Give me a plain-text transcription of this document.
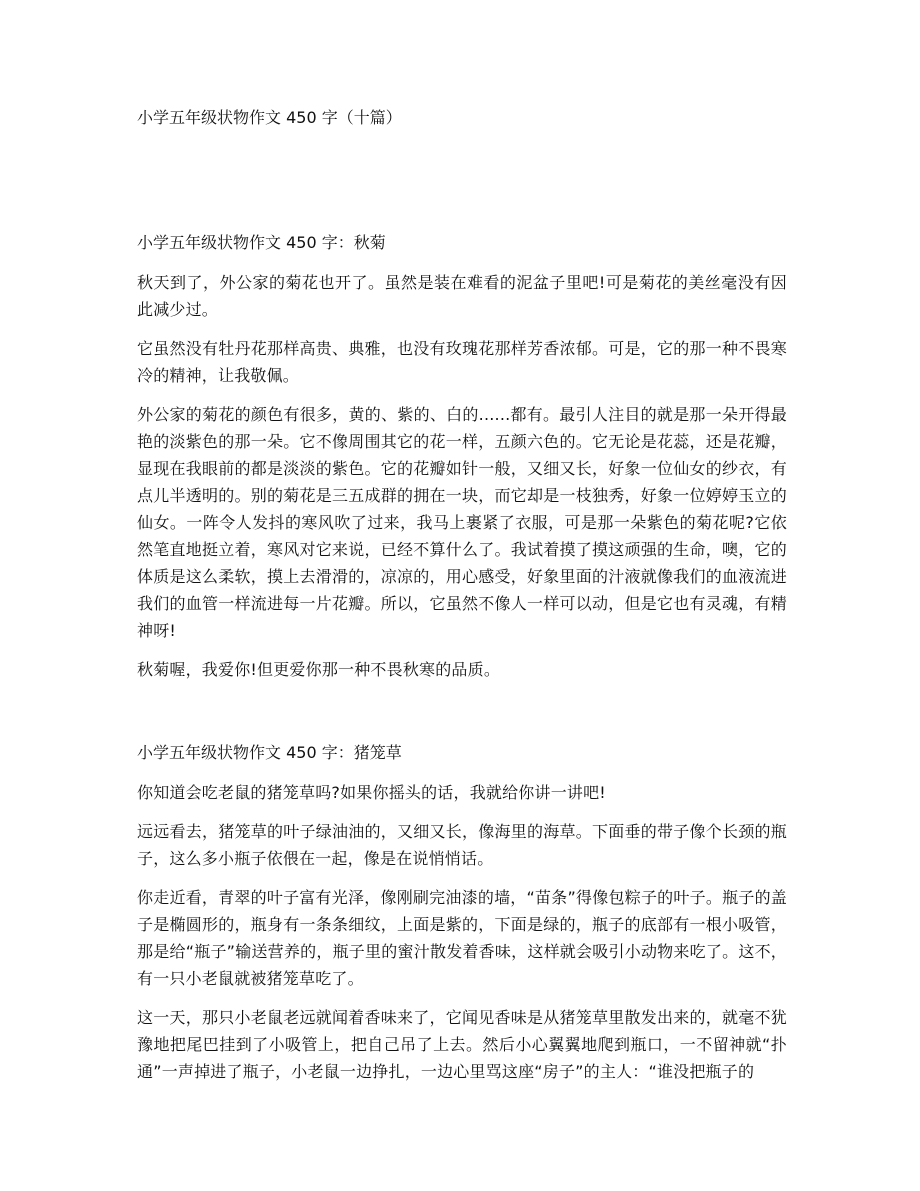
小学五年级状物作文 450 字（十篇）
小学五年级状物作文 450 字：秋菊

秋天到了，外公家的菊花也开了。虽然是装在难看的泥盆子里吧!可是菊花的美丝毫没有因此减少过。

它虽然没有牡丹花那样高贵、典雅，也没有玫瑰花那样芳香浓郁。可是，它的那一种不畏寒冷的精神，让我敬佩。

外公家的菊花的颜色有很多，黄的、紫的、白的......都有。最引人注目的就是那一朵开得最艳的淡紫色的那一朵。它不像周围其它的花一样，五颜六色的。它无论是花蕊，还是花瓣，显现在我眼前的都是淡淡的紫色。它的花瓣如针一般，又细又长，好象一位仙女的纱衣，有点儿半透明的。别的菊花是三五成群的拥在一块，而它却是一枝独秀，好象一位婷婷玉立的仙女。一阵令人发抖的寒风吹了过来，我马上裹紧了衣服，可是那一朵紫色的菊花呢?它依然笔直地挺立着，寒风对它来说，已经不算什么了。我试着摸了摸这顽强的生命，噢，它的体质是这么柔软，摸上去滑滑的，凉凉的，用心感受，好象里面的汁液就像我们的血液流进我们的血管一样流进每一片花瓣。所以，它虽然不像人一样可以动，但是它也有灵魂，有精神呀!

秋菊喔，我爱你!但更爱你那一种不畏秋寒的品质。

小学五年级状物作文 450 字：猪笼草

你知道会吃老鼠的猪笼草吗?如果你摇头的话，我就给你讲一讲吧!

远远看去，猪笼草的叶子绿油油的，又细又长，像海里的海草。下面垂的带子像个长颈的瓶子，这么多小瓶子依偎在一起，像是在说悄悄话。

你走近看，青翠的叶子富有光泽，像刚刷完油漆的墙，“苗条”得像包粽子的叶子。瓶子的盖子是椭圆形的，瓶身有一条条细纹，上面是紫的，下面是绿的，瓶子的底部有一根小吸管，那是给“瓶子”输送营养的，瓶子里的蜜汁散发着香味，这样就会吸引小动物来吃了。这不，有一只小老鼠就被猪笼草吃了。

这一天，那只小老鼠老远就闻着香味来了，它闻见香味是从猪笼草里散发出来的，就毫不犹豫地把尾巴挂到了小吸管上，把自己吊了上去。然后小心翼翼地爬到瓶口，一不留神就“扑通”一声掉进了瓶子，小老鼠一边挣扎，一边心里骂这座“房子”的主人：“谁没把瓶子的
